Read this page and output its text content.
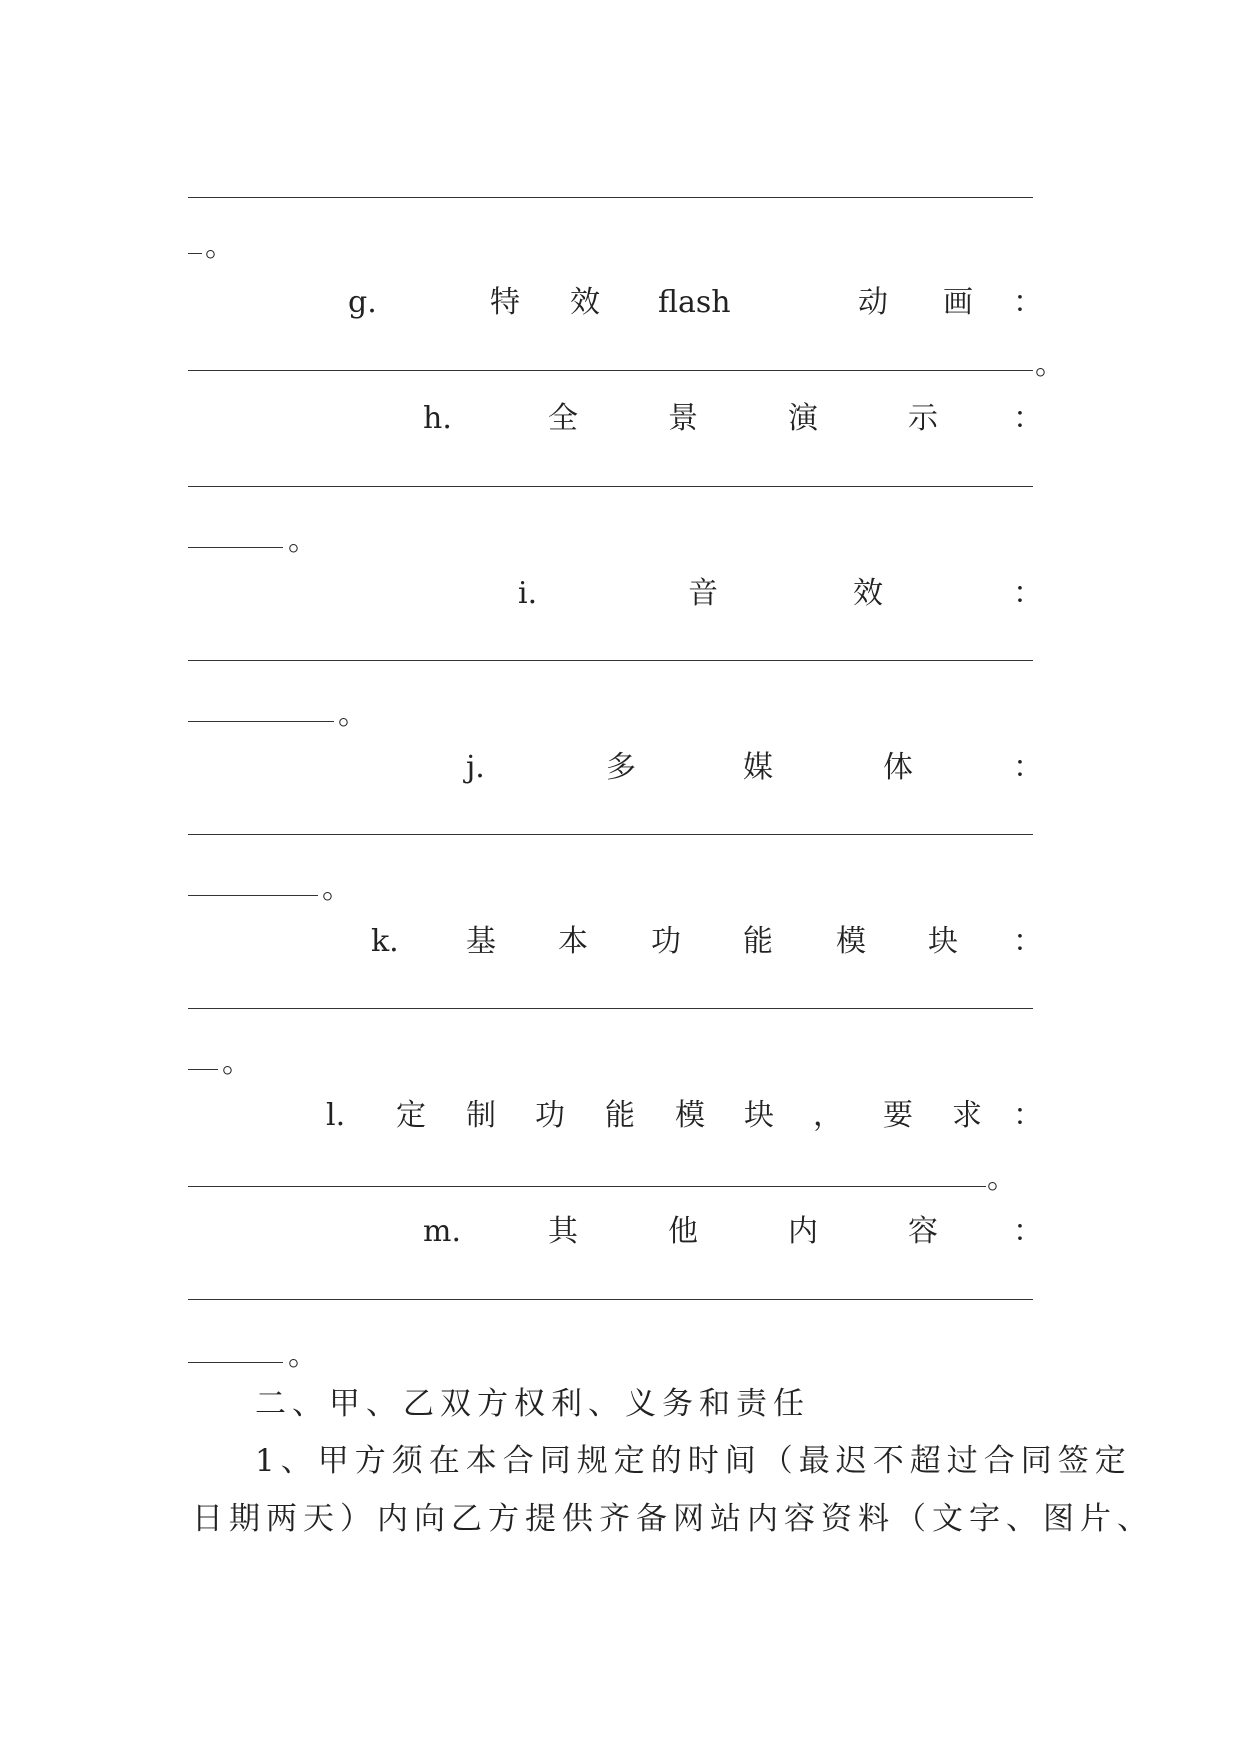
。
g.	特 效 flash	动 画 ：
。
h.	全	景	演	示	：
。
i.	音	效	：
。
j.	多	媒	体	：
。
k. 基 本 功 能 模 块 ：
。
l. 定 制 功 能 模 块 ， 要 求 ：
。
m.	其	他	内	容	：
。
二、甲、乙双方权利、义务和责任
1、甲方须在本合同规定的时间（最迟不超过合同签定
日期两天）内向乙方提供齐备网站内容资料（文字、图片、
